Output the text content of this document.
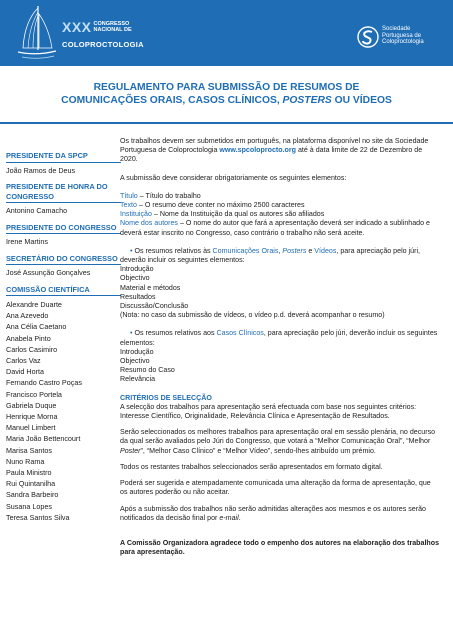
XXX CONGRESSO
NACIONAL DE
COLOPROCTOLOGIA
Sociedade
Portuguesa de
Coloproctologia
REGULAMENTO PARA SUBMISSÃO DE RESUMOS DE
COMUNICAÇÕES ORAIS, CASOS CLÍNICOS, POSTERS OU VÍDEOS
PRESIDENTE DA SPCP
João Ramos de Deus
PRESIDENTE DE HONRA DO CONGRESSO
Antonino Camacho
PRESIDENTE DO CONGRESSO
Irene Martins
SECRETÁRIO DO CONGRESSO
José Assunção Gonçalves
COMISSÃO CIENTÍFICA
Alexandre Duarte
Ana Azevedo
Ana Célia Caetano
Anabela Pinto
Carlos Casimiro
Carlos Vaz
David Horta
Fernando Castro Poças
Francisco Portela
Gabriela Duque
Henrique Morna
Manuel Limbert
Maria João Bettencourt
Marisa Santos
Nuno Rama
Paula Ministro
Rui Quintanilha
Sandra Barbeiro
Susana Lopes
Teresa Santos Silva

Os trabalhos devem ser submetidos em português, na plataforma disponível no site da Sociedade Portuguesa de Coloproctologia www.spcoloprocto.org até à data limite de 22 de Dezembro de 2020.

A submissão deve considerar obrigatoriamente os seguintes elementos:

Título – Título do trabalho

Texto – O resumo deve conter no máximo 2500 caracteres

Instituição – Nome da Instituição da qual os autores são afiliados

Nome dos autores – O nome do autor que fará a apresentação deverá ser indicado a sublinhado e deverá estar inscrito no Congresso, caso contrário o trabalho não será aceite.

• Os resumos relativos às Comunicações Orais, Posters e Vídeos, para apreciação pelo júri, deverão incluir os seguintes elementos:

Introdução

Objectivo

Material e métodos

Resultados

Discussão/Conclusão

(Nota: no caso da submissão de vídeos, o vídeo p.d. deverá acompanhar o resumo)

• Os resumos relativos aos Casos Clínicos, para apreciação pelo júri, deverão incluir os seguintes elementos:

Introdução

Objectivo

Resumo do Caso

Relevância

CRITÉRIOS DE SELECÇÃO

A selecção dos trabalhos para apresentação será efectuada com base nos seguintes critérios: Interesse Científico, Originalidade, Relevância Clínica e Apresentação de Resultados.

Serão seleccionados os melhores trabalhos para apresentação oral em sessão plenária, no decurso da qual serão avaliados pelo Júri do Congresso, que votará a “Melhor Comunicação Oral”, “Melhor Poster”, “Melhor Caso Clínico” e “Melhor Vídeo”, sendo-lhes atribuído um prémio.

Todos os restantes trabalhos seleccionados serão apresentados em formato digital.

Poderá ser sugerida e atempadamente comunicada uma alteração da forma de apresentação, que os autores poderão ou não aceitar.

Após a submissão dos trabalhos não serão admitidas alterações aos mesmos e os autores serão notificados da decisão final por e-mail.

A Comissão Organizadora agradece todo o empenho dos autores na elaboração dos trabalhos para apresentação.
